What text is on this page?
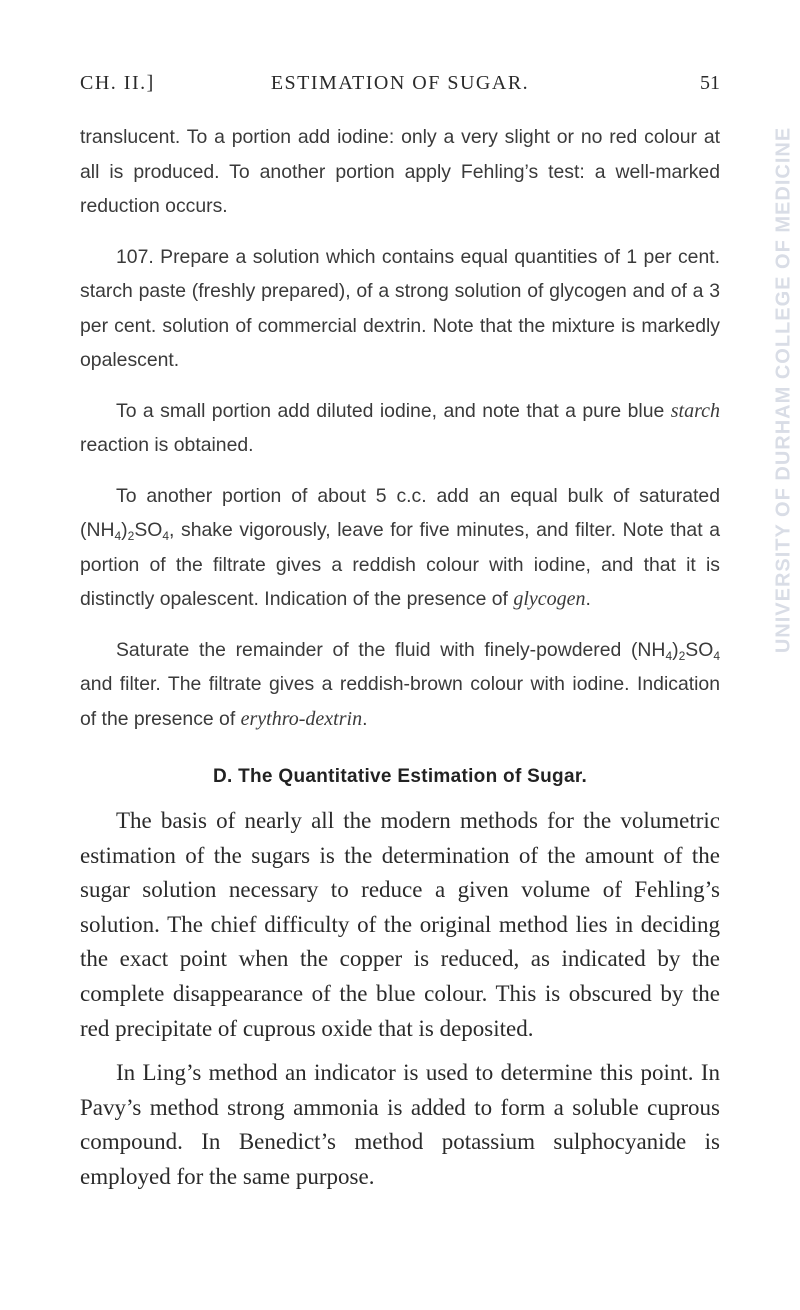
CH. II.]	ESTIMATION OF SUGAR.	51

translucent. To a portion add iodine: only a very slight or no red colour at all is produced. To another portion apply Fehling’s test: a well-marked reduction occurs.

107. Prepare a solution which contains equal quantities of 1 per cent. starch paste (freshly prepared), of a strong solution of glycogen and of a 3 per cent. solution of commercial dextrin. Note that the mixture is markedly opalescent.

To a small portion add diluted iodine, and note that a pure blue starch reaction is obtained.

To another portion of about 5 c.c. add an equal bulk of saturated $(NH_4)_2SO_4$, shake vigorously, leave for five minutes, and filter. Note that a portion of the filtrate gives a reddish colour with iodine, and that it is distinctly opalescent. Indication of the presence of glycogen.

Saturate the remainder of the fluid with finely-powdered $(NH_4)_2SO_4$ and filter. The filtrate gives a reddish-brown colour with iodine. Indication of the presence of erythro-dextrin.

D. The Quantitative Estimation of Sugar.

The basis of nearly all the modern methods for the volumetric estimation of the sugars is the determination of the amount of the sugar solution necessary to reduce a given volume of Fehling’s solution. The chief difficulty of the original method lies in deciding the exact point when the copper is reduced, as indicated by the complete disappearance of the blue colour. This is obscured by the red precipitate of cuprous oxide that is deposited.

In Ling’s method an indicator is used to determine this point. In Pavy’s method strong ammonia is added to form a soluble cuprous compound. In Benedict’s method potassium sulphocyanide is employed for the same purpose.

UNIVERSITY OF DURHAM COLLEGE OF MEDICINE
